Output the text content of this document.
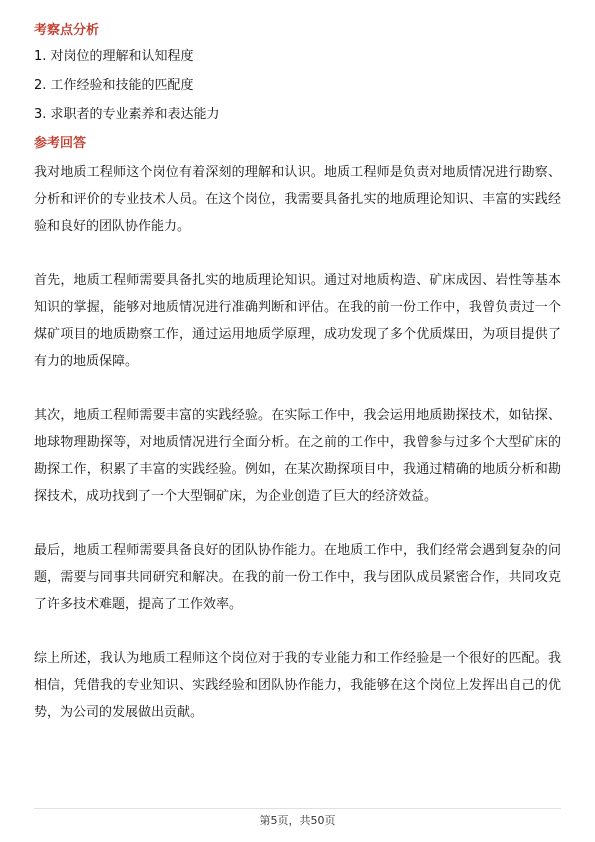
考察点分析
1. 对岗位的理解和认知程度
2. 工作经验和技能的匹配度
3. 求职者的专业素养和表达能力
参考回答

我对地质工程师这个岗位有着深刻的理解和认识。地质工程师是负责对地质情况进行勘察、分析和评价的专业技术人员。在这个岗位，我需要具备扎实的地质理论知识、丰富的实践经验和良好的团队协作能力。

首先，地质工程师需要具备扎实的地质理论知识。通过对地质构造、矿床成因、岩性等基本知识的掌握，能够对地质情况进行准确判断和评估。在我的前一份工作中，我曾负责过一个煤矿项目的地质勘察工作，通过运用地质学原理，成功发现了多个优质煤田，为项目提供了有力的地质保障。

其次，地质工程师需要丰富的实践经验。在实际工作中，我会运用地质勘探技术，如钻探、地球物理勘探等，对地质情况进行全面分析。在之前的工作中，我曾参与过多个大型矿床的勘探工作，积累了丰富的实践经验。例如，在某次勘探项目中，我通过精确的地质分析和勘探技术，成功找到了一个大型铜矿床，为企业创造了巨大的经济效益。

最后，地质工程师需要具备良好的团队协作能力。在地质工作中，我们经常会遇到复杂的问题，需要与同事共同研究和解决。在我的前一份工作中，我与团队成员紧密合作，共同攻克了许多技术难题，提高了工作效率。

综上所述，我认为地质工程师这个岗位对于我的专业能力和工作经验是一个很好的匹配。我相信，凭借我的专业知识、实践经验和团队协作能力，我能够在这个岗位上发挥出自己的优势，为公司的发展做出贡献。

第5页，共50页
